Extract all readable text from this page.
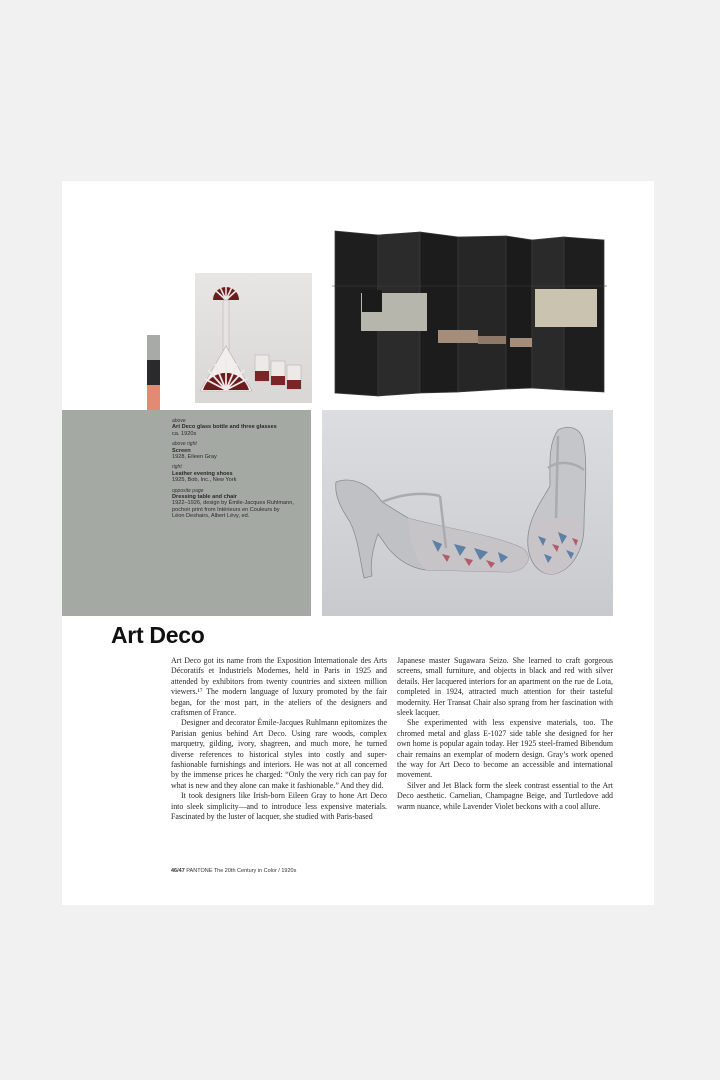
above
Art Deco glass bottle and three glasses
ca. 1920s
above right
Screen
1928, Eileen Gray
right
Leather evening shoes
1925, Bob, Inc., New York
opposite page
Dressing table and chair
1922–1926, design by Émile-Jacques Ruhlmann,
pochoir print from Intérieurs en Couleurs by
Léon Deshairs, Albert Lévy, ed.
Art Deco

Art Deco got its name from the Exposition Internationale des Arts Décoratifs et Industriels Modernes, held in Paris in 1925 and attended by exhibitors from twenty countries and sixteen million viewers.¹⁷ The modern language of luxury promoted by the fair began, for the most part, in the ateliers of the designers and craftsmen of France.

Designer and decorator Émile-Jacques Ruhlmann epitomizes the Parisian genius behind Art Deco. Using rare woods, complex marquetry, gilding, ivory, shagreen, and much more, he turned diverse references to historical styles into costly and super-fashionable furnishings and interiors. He was not at all concerned by the immense prices he charged: “Only the very rich can pay for what is new and they alone can make it fashionable.” And they did.

It took designers like Irish-born Eileen Gray to hone Art Deco into sleek simplicity—and to introduce less expensive materials. Fascinated by the luster of lacquer, she studied with Paris-based

Japanese master Sugawara Seizo. She learned to craft gorgeous screens, small furniture, and objects in black and red with silver details. Her lacquered interiors for an apartment on the rue de Lota, completed in 1924, attracted much attention for their tasteful modernity. Her Transat Chair also sprang from her fascination with sleek lacquer.

She experimented with less expensive materials, too. The chromed metal and glass E-1027 side table she designed for her own home is popular again today. Her 1925 steel-framed Bibendum chair remains an exemplar of modern design. Gray’s work opened the way for Art Deco to become an accessible and international movement.

Silver and Jet Black form the sleek contrast essential to the Art Deco aesthetic. Carnelian, Champagne Beige, and Turtledove add warm nuance, while Lavender Violet beckons with a cool allure.

46/47 PANTONE The 20th Century in Color / 1920s
